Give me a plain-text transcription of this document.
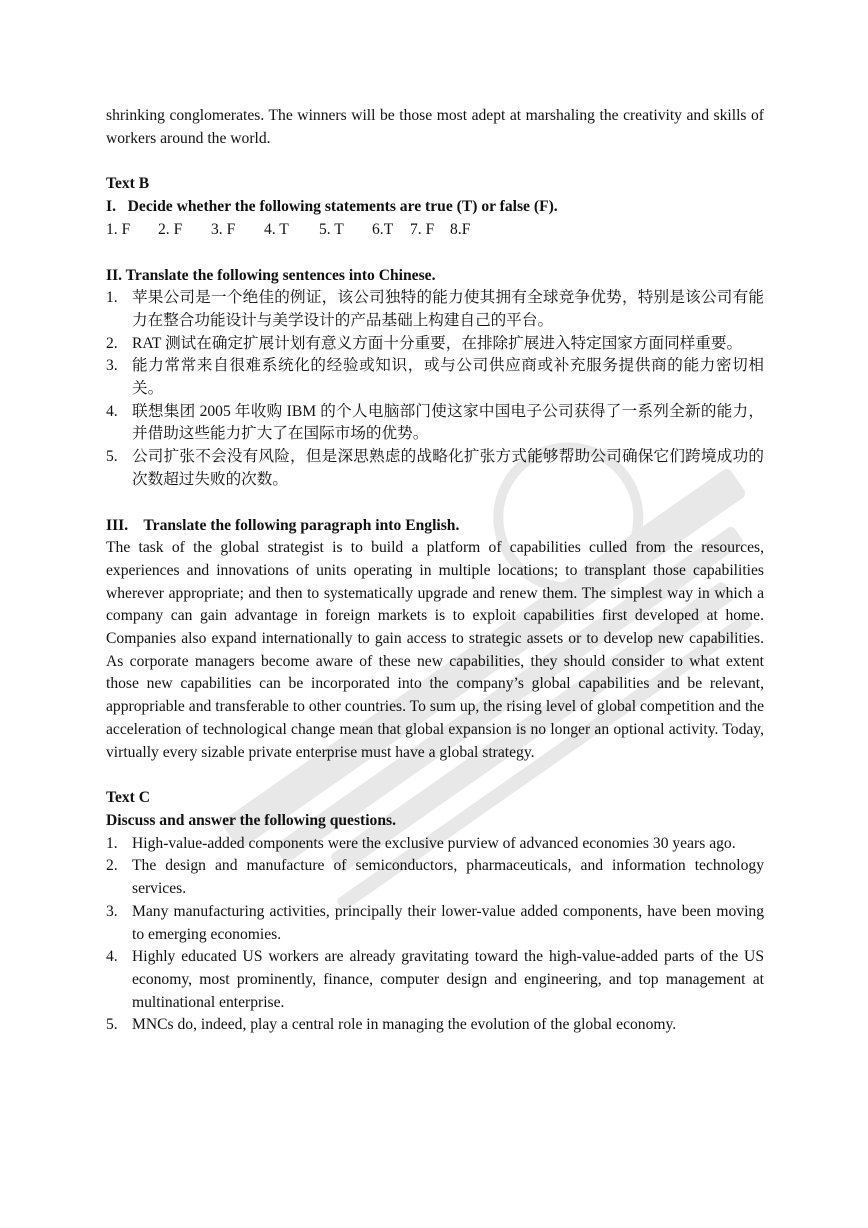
shrinking conglomerates. The winners will be those most adept at marshaling the creativity and skills of workers around the world.

Text B

I.   Decide whether the following statements are true (T) or false (F).

1. F	2. F	3. F	4. T	5. T	6.T	7. F	8.F

II. Translate the following sentences into Chinese.

1. 苹果公司是一个绝佳的例证，该公司独特的能力使其拥有全球竞争优势，特别是该公司有能力在整合功能设计与美学设计的产品基础上构建自己的平台。
2. RAT 测试在确定扩展计划有意义方面十分重要，在排除扩展进入特定国家方面同样重要。
3. 能力常常来自很难系统化的经验或知识，或与公司供应商或补充服务提供商的能力密切相关。
4. 联想集团 2005 年收购 IBM 的个人电脑部门使这家中国电子公司获得了一系列全新的能力，并借助这些能力扩大了在国际市场的优势。
5. 公司扩张不会没有风险，但是深思熟虑的战略化扩张方式能够帮助公司确保它们跨境成功的次数超过失败的次数。

III.    Translate the following paragraph into English.

The task of the global strategist is to build a platform of capabilities culled from the resources, experiences and innovations of units operating in multiple locations; to transplant those capabilities wherever appropriate; and then to systematically upgrade and renew them. The simplest way in which a company can gain advantage in foreign markets is to exploit capabilities first developed at home. Companies also expand internationally to gain access to strategic assets or to develop new capabilities. As corporate managers become aware of these new capabilities, they should consider to what extent those new capabilities can be incorporated into the company’s global capabilities and be relevant, appropriable and transferable to other countries. To sum up, the rising level of global competition and the acceleration of technological change mean that global expansion is no longer an optional activity. Today, virtually every sizable private enterprise must have a global strategy.

Text C

Discuss and answer the following questions.

1. High-value-added components were the exclusive purview of advanced economies 30 years ago.
2. The design and manufacture of semiconductors, pharmaceuticals, and information technology services.
3. Many manufacturing activities, principally their lower-value added components, have been moving to emerging economies.
4. Highly educated US workers are already gravitating toward the high-value-added parts of the US economy, most prominently, finance, computer design and engineering, and top management at multinational enterprise.
5. MNCs do, indeed, play a central role in managing the evolution of the global economy.
